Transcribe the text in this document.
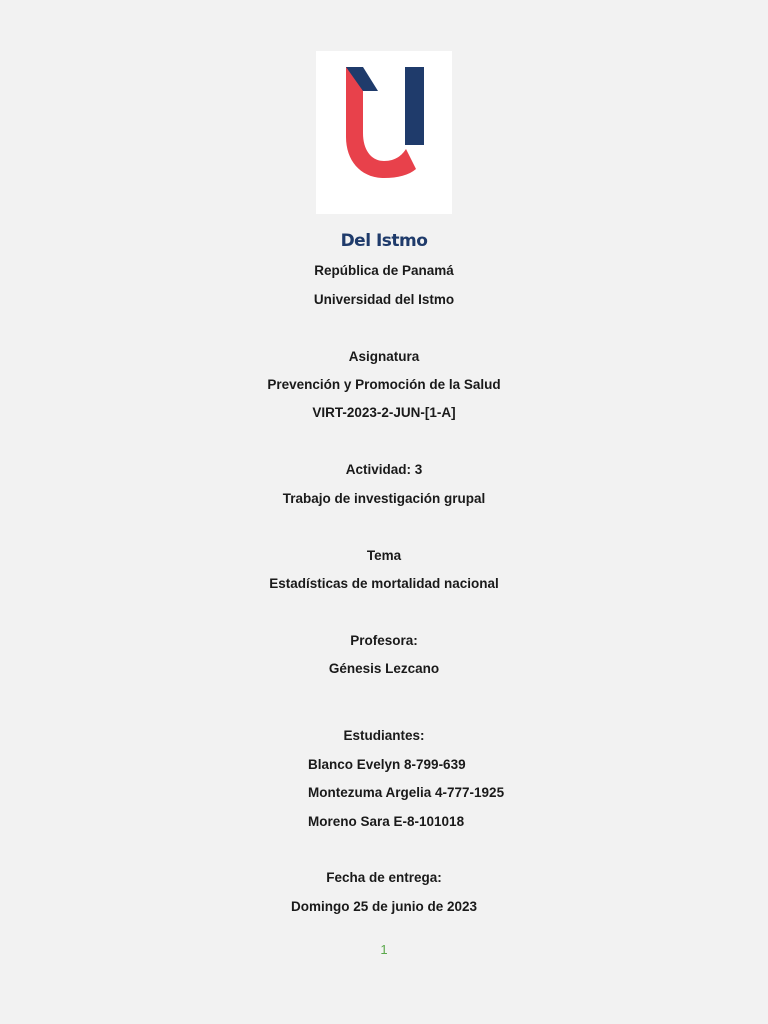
Del Istmo
República de Panamá
Universidad del Istmo
Asignatura
Prevención y Promoción de la Salud
VIRT-2023-2-JUN-[1-A]
Actividad: 3
Trabajo de investigación grupal
Tema
Estadísticas de mortalidad nacional
Profesora:
Génesis Lezcano
Estudiantes:
Blanco Evelyn 8-799-639
Montezuma Argelia 4-777-1925
Moreno Sara E-8-101018
Fecha de entrega:
Domingo 25 de junio de 2023
1
